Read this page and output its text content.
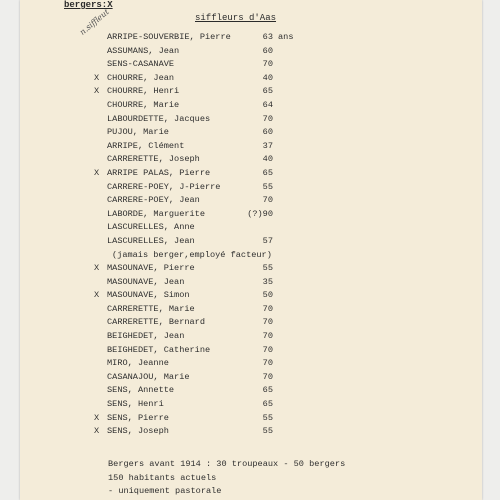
bergers:X
siffleurs d'Aas
n.siffleut
ARRIPE-SOUVERBIE, Pierre	63 ans
ASSUMANS, Jean	60
SENS-CASANAVE	70
X CHOURRE, Jean	40
X CHOURRE, Henri	65
CHOURRE, Marie	64
LABOURDETTE, Jacques	70
PUJOU, Marie	60
ARRIPE, Clément	37
CARRERETTE, Joseph	40
X ARRIPE PALAS, Pierre	65
CARRERE-POEY, J-Pierre	55
CARRERE-POEY, Jean	70
LABORDE, Marguerite	(?)90
LASCURELLES, Anne
LASCURELLES, Jean	57
(jamais berger,employé facteur)
X MASOUNAVE, Pierre	55
MASOUNAVE, Jean	35
X MASOUNAVE, Simon	50
CARRERETTE, Marie	70
CARRERETTE, Bernard	70
BEIGHEDET, Jean	70
BEIGHEDET, Catherine	70
MIRO, Jeanne	70
CASANAJOU, Marie	70
SENS, Annette	65
SENS, Henri	65
X SENS, Pierre	55
X SENS, Joseph	55
Bergers avant 1914 : 30 troupeaux - 50 bergers
150 habitants actuels
- uniquement pastorale
